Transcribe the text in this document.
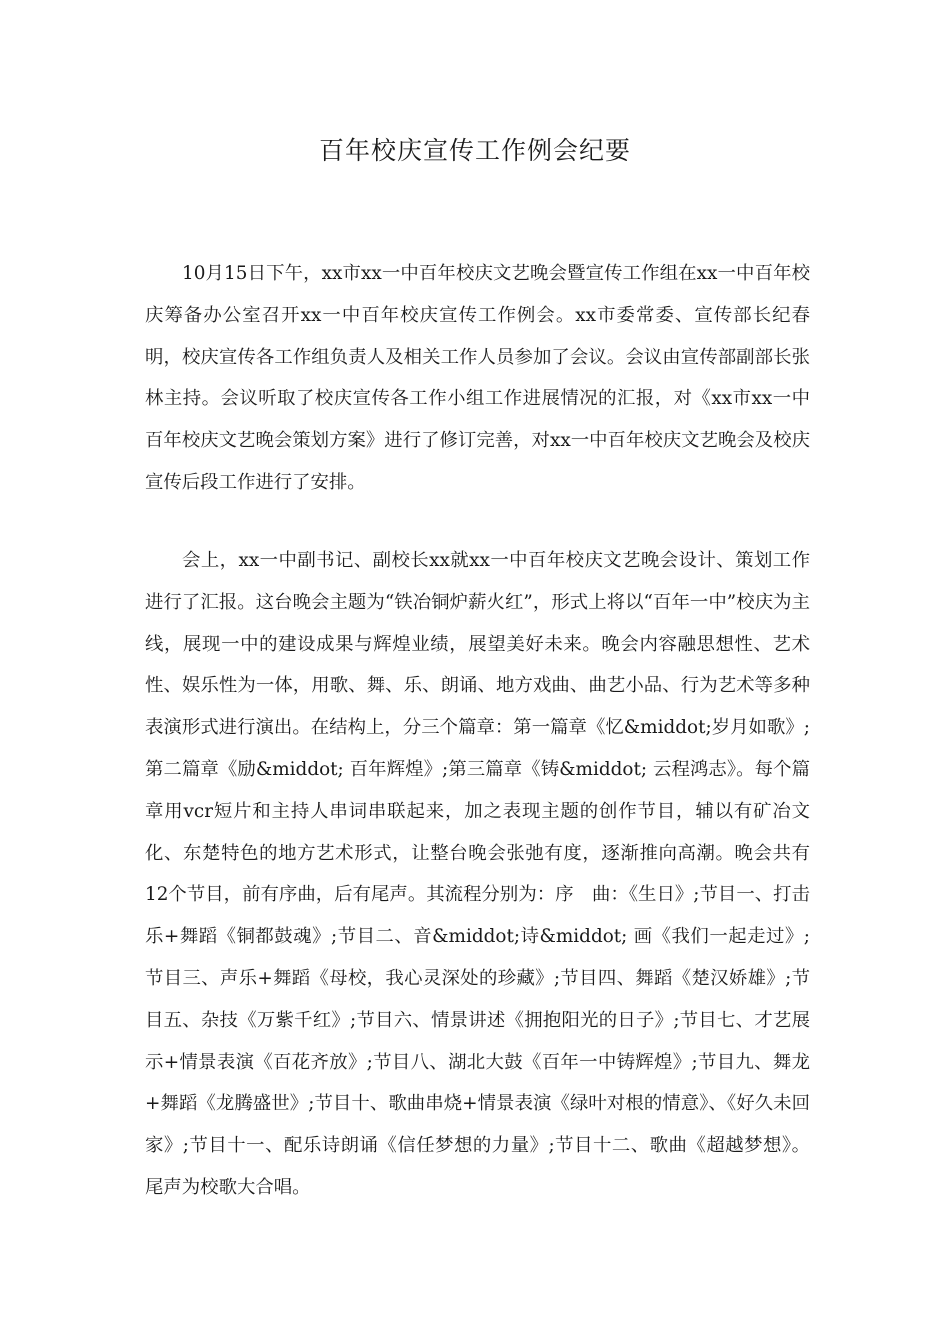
百年校庆宣传工作例会纪要

10月15日下午，xx市xx一中百年校庆文艺晚会暨宣传工作组在xx一中百年校庆筹备办公室召开xx一中百年校庆宣传工作例会。xx市委常委、宣传部长纪春明，校庆宣传各工作组负责人及相关工作人员参加了会议。会议由宣传部副部长张林主持。会议听取了校庆宣传各工作小组工作进展情况的汇报，对《xx市xx一中百年校庆文艺晚会策划方案》进行了修订完善，对xx一中百年校庆文艺晚会及校庆宣传后段工作进行了安排。

会上，xx一中副书记、副校长xx就xx一中百年校庆文艺晚会设计、策划工作进行了汇报。这台晚会主题为“铁冶铜炉薪火红”，形式上将以“百年一中”校庆为主线，展现一中的建设成果与辉煌业绩，展望美好未来。晚会内容融思想性、艺术性、娱乐性为一体，用歌、舞、乐、朗诵、地方戏曲、曲艺小品、行为艺术等多种表演形式进行演出。在结构上，分三个篇章：第一篇章《忆&middot;岁月如歌》;第二篇章《励&middot; 百年辉煌》;第三篇章《铸&middot; 云程鸿志》。每个篇章用vcr短片和主持人串词串联起来，加之表现主题的创作节目，辅以有矿冶文化、东楚特色的地方艺术形式，让整台晚会张弛有度，逐渐推向高潮。晚会共有12个节目，前有序曲，后有尾声。其流程分别为：序　曲：《生日》;节目一、打击乐+舞蹈《铜都鼓魂》;节目二、音&middot;诗&middot; 画《我们一起走过》;节目三、声乐+舞蹈《母校，我心灵深处的珍藏》;节目四、舞蹈《楚汉娇雄》;节目五、杂技《万紫千红》;节目六、情景讲述《拥抱阳光的日子》;节目七、才艺展示+情景表演《百花齐放》;节目八、湖北大鼓《百年一中铸辉煌》;节目九、舞龙+舞蹈《龙腾盛世》;节目十、歌曲串烧+情景表演《绿叶对根的情意》、《好久未回家》;节目十一、配乐诗朗诵《信任梦想的力量》;节目十二、歌曲《超越梦想》。尾声为校歌大合唱。
